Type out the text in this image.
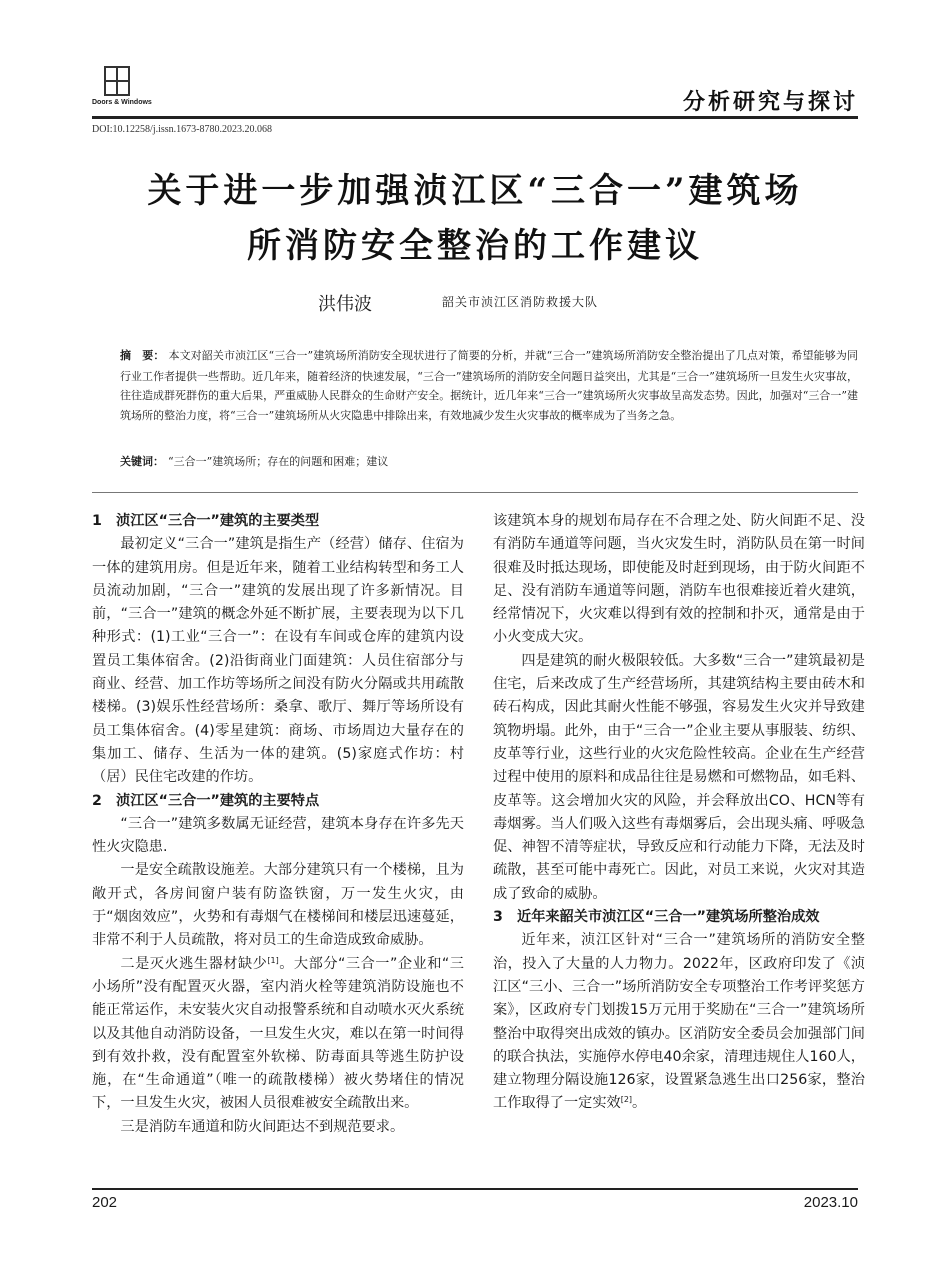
Doors & Windows	分析研究与探讨
DOI:10.12258/j.issn.1673-8780.2023.20.068
关于进一步加强浈江区“三合一”建筑场
所消防安全整治的工作建议
洪伟波	韶关市浈江区消防救援大队
摘　要： 本文对韶关市浈江区“三合一”建筑场所消防安全现状进行了简要的分析，并就“三合一”建筑场所消防安全整治提出了几点对策，希望能够为同行业工作者提供一些帮助。近几年来，随着经济的快速发展，“三合一”建筑场所的消防安全问题日益突出，尤其是“三合一”建筑场所一旦发生火灾事故，往往造成群死群伤的重大后果，严重威胁人民群众的生命财产安全。据统计，近几年来“三合一”建筑场所火灾事故呈高发态势。因此，加强对“三合一”建筑场所的整治力度，将“三合一”建筑场所从火灾隐患中排除出来，有效地减少发生火灾事故的概率成为了当务之急。
关键词： “三合一”建筑场所；存在的问题和困难；建议
1　浈江区“三合一”建筑的主要类型

最初定义“三合一”建筑是指生产（经营）储存、住宿为一体的建筑用房。但是近年来，随着工业结构转型和务工人员流动加剧，“三合一”建筑的发展出现了许多新情况。目前，“三合一”建筑的概念外延不断扩展，主要表现为以下几种形式：(1)工业“三合一”：在设有车间或仓库的建筑内设置员工集体宿舍。(2)沿街商业门面建筑：人员住宿部分与商业、经营、加工作坊等场所之间没有防火分隔或共用疏散楼梯。(3)娱乐性经营场所：桑拿、歌厅、舞厅等场所设有员工集体宿舍。(4)零星建筑：商场、市场周边大量存在的集加工、储存、生活为一体的建筑。(5)家庭式作坊：村（居）民住宅改建的作坊。

2　浈江区“三合一”建筑的主要特点

“三合一”建筑多数属无证经营，建筑本身存在许多先天性火灾隐患.

一是安全疏散设施差。大部分建筑只有一个楼梯，且为敞开式，各房间窗户装有防盗铁窗，万一发生火灾，由于“烟囱效应”，火势和有毒烟气在楼梯间和楼层迅速蔓延，非常不利于人员疏散，将对员工的生命造成致命威胁。

二是灭火逃生器材缺少[1]。大部分“三合一”企业和“三小场所”没有配置灭火器，室内消火栓等建筑消防设施也不能正常运作，未安装火灾自动报警系统和自动喷水灭火系统以及其他自动消防设备，一旦发生火灾，难以在第一时间得到有效扑救，没有配置室外软梯、防毒面具等逃生防护设施，在“生命通道”（唯一的疏散楼梯）被火势堵住的情况下，一旦发生火灾，被困人员很难被安全疏散出来。

三是消防车通道和防火间距达不到规范要求。

该建筑本身的规划布局存在不合理之处、防火间距不足、没有消防车通道等问题，当火灾发生时，消防队员在第一时间很难及时抵达现场，即使能及时赶到现场，由于防火间距不足、没有消防车通道等问题，消防车也很难接近着火建筑，经常情况下，火灾难以得到有效的控制和扑灭，通常是由于小火变成大灾。

四是建筑的耐火极限较低。大多数“三合一”建筑最初是住宅，后来改成了生产经营场所，其建筑结构主要由砖木和砖石构成，因此其耐火性能不够强，容易发生火灾并导致建筑物坍塌。此外，由于“三合一”企业主要从事服装、纺织、皮革等行业，这些行业的火灾危险性较高。企业在生产经营过程中使用的原料和成品往往是易燃和可燃物品，如毛料、皮革等。这会增加火灾的风险，并会释放出CO、HCN等有毒烟雾。当人们吸入这些有毒烟雾后，会出现头痛、呼吸急促、神智不清等症状，导致反应和行动能力下降，无法及时疏散，甚至可能中毒死亡。因此，对员工来说，火灾对其造成了致命的威胁。

3　近年来韶关市浈江区“三合一”建筑场所整治成效

近年来，浈江区针对“三合一”建筑场所的消防安全整治，投入了大量的人力物力。2022年，区政府印发了《浈江区“三小、三合一”场所消防安全专项整治工作考评奖惩方案》，区政府专门划拨15万元用于奖励在“三合一”建筑场所整治中取得突出成效的镇办。区消防安全委员会加强部门间的联合执法，实施停水停电40余家，清理违规住人160人，建立物理分隔设施126家，设置紧急逃生出口256家，整治工作取得了一定实效[2]。

202	2023.10
